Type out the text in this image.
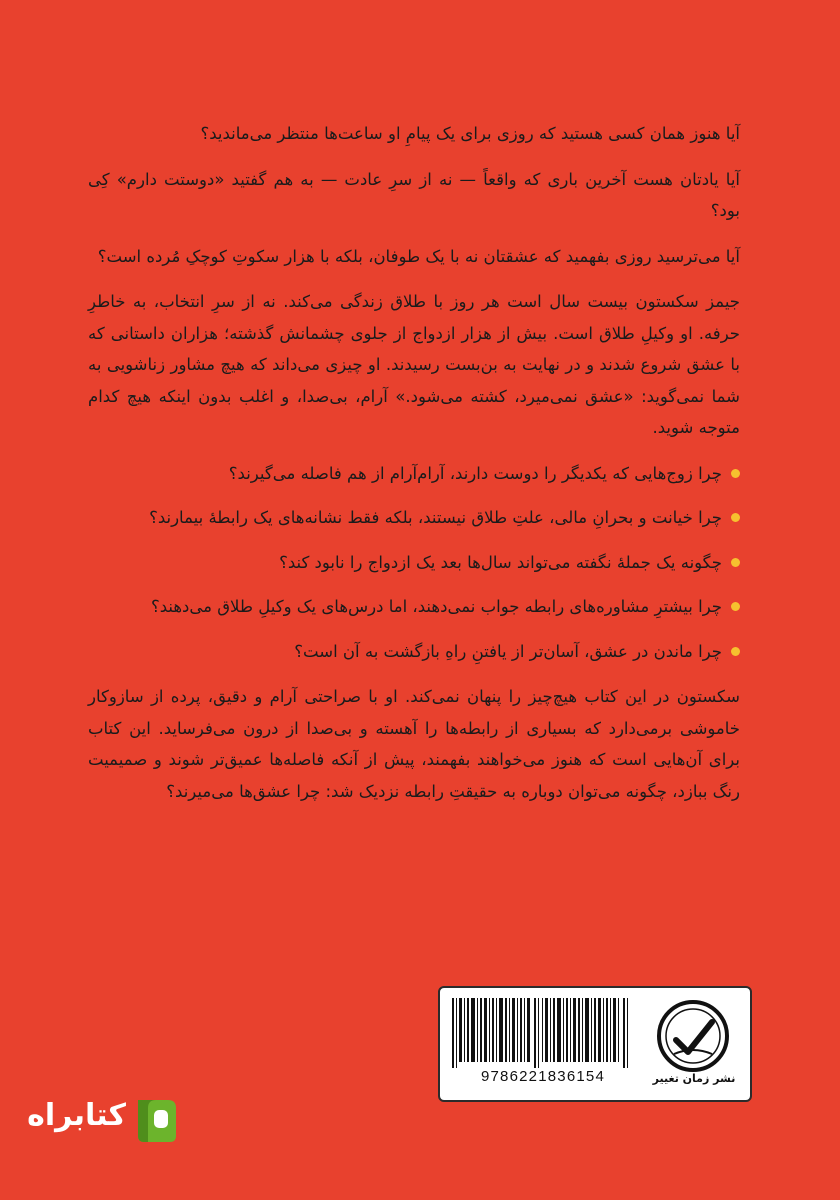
آیا هنوز همان کسی هستید که روزی برای یک پیامِ او ساعت‌ها منتظر می‌ماندید؟

آیا یادتان هست آخرین باری که واقعاً — نه از سرِ عادت — به هم گفتید «دوستت دارم» کِی بود؟

آیا می‌ترسید روزی بفهمید که عشقتان نه با یک طوفان، بلکه با هزار سکوتِ کوچکِ مُرده است؟

جیمز سکستون بیست سال است هر روز با طلاق زندگی می‌کند. نه از سرِ انتخاب، به خاطرِ حرفه. او وکیلِ طلاق است. بیش از هزار ازدواج از جلوی چشمانش گذشته؛ هزاران داستانی که با عشق شروع شدند و در نهایت به بن‌بست رسیدند. او چیزی می‌داند که هیچ مشاور زناشویی به شما نمی‌گوید: «عشق نمی‌میرد، کشته می‌شود.» آرام، بی‌صدا، و اغلب بدون اینکه هیچ کدام متوجه شوید.

چرا زوج‌هایی که یکدیگر را دوست دارند، آرام‌آرام از هم فاصله می‌گیرند؟
چرا خیانت و بحرانِ مالی، علتِ طلاق نیستند، بلکه فقط نشانه‌های یک رابطهٔ بیمارند؟
چگونه یک جملهٔ نگفته می‌تواند سال‌ها بعد یک ازدواج را نابود کند؟
چرا بیشترِ مشاوره‌های رابطه جواب نمی‌دهند، اما درس‌های یک وکیلِ طلاق می‌دهند؟
چرا ماندن در عشق، آسان‌تر از یافتنِ راهِ بازگشت به آن است؟

سکستون در این کتاب هیچ‌چیز را پنهان نمی‌کند. او با صراحتی آرام و دقیق، پرده از سازوکار خاموشی برمی‌دارد که بسیاری از رابطه‌ها را آهسته و بی‌صدا از درون می‌فرساید. این کتاب برای آن‌هایی است که هنوز می‌خواهند بفهمند، پیش از آنکه فاصله‌ها عمیق‌تر شوند و صمیمیت رنگ ببازد، چگونه می‌توان دوباره به حقیقتِ رابطه نزدیک شد: چرا عشق‌ها می‌میرند؟

9786221836154	نشر زمان تغییر
کتابراه
